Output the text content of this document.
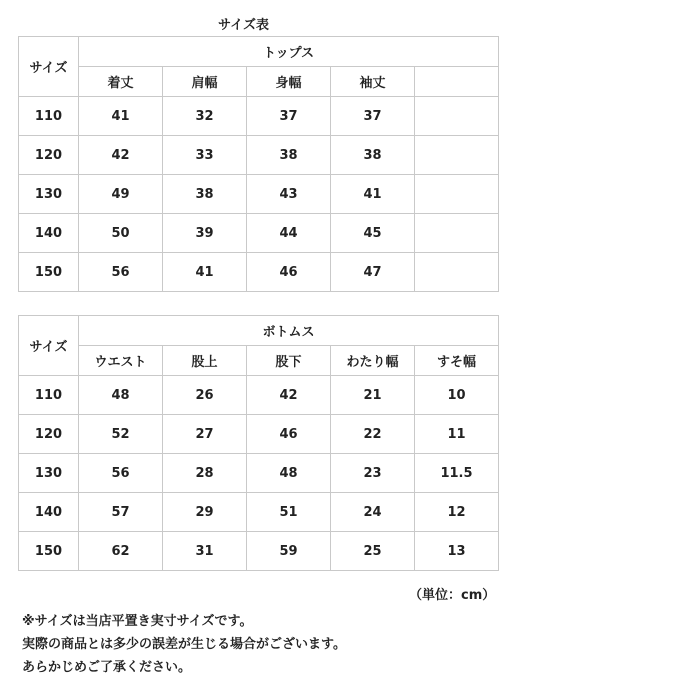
サイズ表
サイズ	トップス				
	着丈	肩幅	身幅	袖丈	
110	41	32	37	37	
120	42	33	38	38	
130	49	38	43	41	
140	50	39	44	45	
150	56	41	46	47	
サイズ	ボトムス				
	ウエスト	股上	股下	わたり幅	すそ幅
110	48	26	42	21	10
120	52	27	46	22	11
130	56	28	48	23	11.5
140	57	29	51	24	12
150	62	31	59	25	13
（単位：cm）
※サイズは当店平置き実寸サイズです。
実際の商品とは多少の誤差が生じる場合がございます。
あらかじめご了承ください。
